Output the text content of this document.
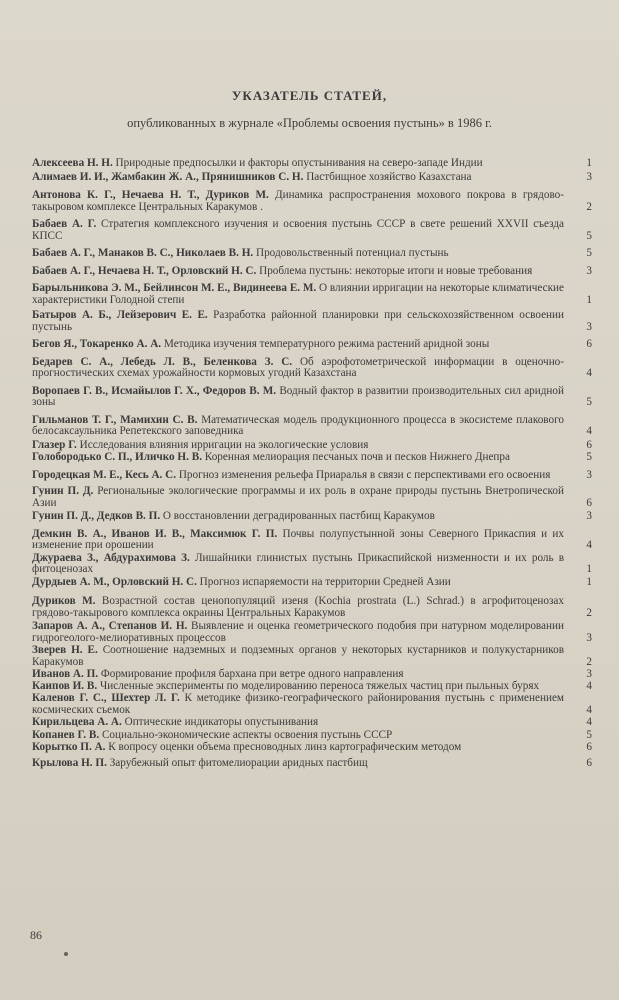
УКАЗАТЕЛЬ СТАТЕЙ,
опубликованных в журнале «Проблемы освоения пустынь» в 1986 г.
Алексеева Н. Н. Природные предпосылки и факторы опустынивания на северо-западе Индии	1
Алимаев И. И., Жамбакин Ж. А., Прянишников С. Н. Пастбищное хозяйство Казахстана	3
Антонова К. Г., Нечаева Н. Т., Дуриков М. Динамика распространения мохового покрова в грядово-такыровом комплексе Центральных Каракумов .	2
Бабаев А. Г. Стратегия комплексного изучения и освоения пустынь СССР в свете решений XXVII съезда КПСС	5
Бабаев А. Г., Манаков В. С., Николаев В. Н. Продовольственный потенциал пустынь	5
Бабаев А. Г., Нечаева Н. Т., Орловский Н. С. Проблема пустынь: некоторые итоги и новые требования	3
Барыльникова Э. М., Бейлинсон М. Е., Видинеева Е. М. О влиянии ирригации на некоторые климатические характеристики Голодной степи	1
Батыров А. Б., Лейзерович Е. Е. Разработка районной планировки при сельскохозяйственном освоении пустынь	3
Бегов Я., Токаренко А. А. Методика изучения температурного режима растений аридной зоны	6
Бедарев С. А., Лебедь Л. В., Беленкова З. С. Об аэрофотометрической информации в оценочно-прогностических схемах урожайности кормовых угодий Казахстана	4
Воропаев Г. В., Исмайылов Г. Х., Федоров В. М. Водный фактор в развитии производительных сил аридной зоны	5
Гильманов Т. Г., Мамихин С. В. Математическая модель продукционного процесса в экосистеме плакового белосаксаульника Репетекского заповедника	4
Глазер Г. Исследования влияния ирригации на экологические условия	6
Голобородько С. П., Иличко Н. В. Коренная мелиорация песчаных почв и песков Нижнего Днепра	5
Городецкая М. Е., Кесь А. С. Прогноз изменения рельефа Приаралья в связи с перспективами его освоения	3
Гунин П. Д. Региональные экологические программы и их роль в охране природы пустынь Внетропической Азии	6
Гунин П. Д., Дедков В. П. О восстановлении деградированных пастбищ Каракумов	3
Демкин В. А., Иванов И. В., Максимюк Г. П. Почвы полупустынной зоны Северного Прикаспия и их изменение при орошении	4
Джураева З., Абдурахимова З. Лишайники глинистых пустынь Прикаспийской низменности и их роль в фитоценозах	1
Дурдыев А. М., Орловский Н. С. Прогноз испаряемости на территории Средней Азии	1
Дуриков М. Возрастной состав ценопопуляций изеня (Kochia prostrata (L.) Schrad.) в агрофитоценозах грядово-такырового комплекса окраины Центральных Каракумов	2
Запаров А. А., Степанов И. Н. Выявление и оценка геометрического подобия при натурном моделировании гидрогеолого-мелиоративных процессов	3
Зверев Н. Е. Соотношение надземных и подземных органов у некоторых кустарников и полукустарников Каракумов	2
Иванов А. П. Формирование профиля бархана при ветре одного направления	3
Каипов И. В. Численные эксперименты по моделированию переноса тяжелых частиц при пыльных бурях	4
Каленов Г. С., Шехтер Л. Г. К методике физико-географического районирования пустынь с применением космических съемок	4
Кирильцева А. А. Оптические индикаторы опустынивания	4
Копанев Г. В. Социально-экономические аспекты освоения пустынь СССР	5
Корытко П. А. К вопросу оценки объема пресноводных линз картографическим методом	6
Крылова Н. П. Зарубежный опыт фитомелиорации аридных пастбищ	6
86
